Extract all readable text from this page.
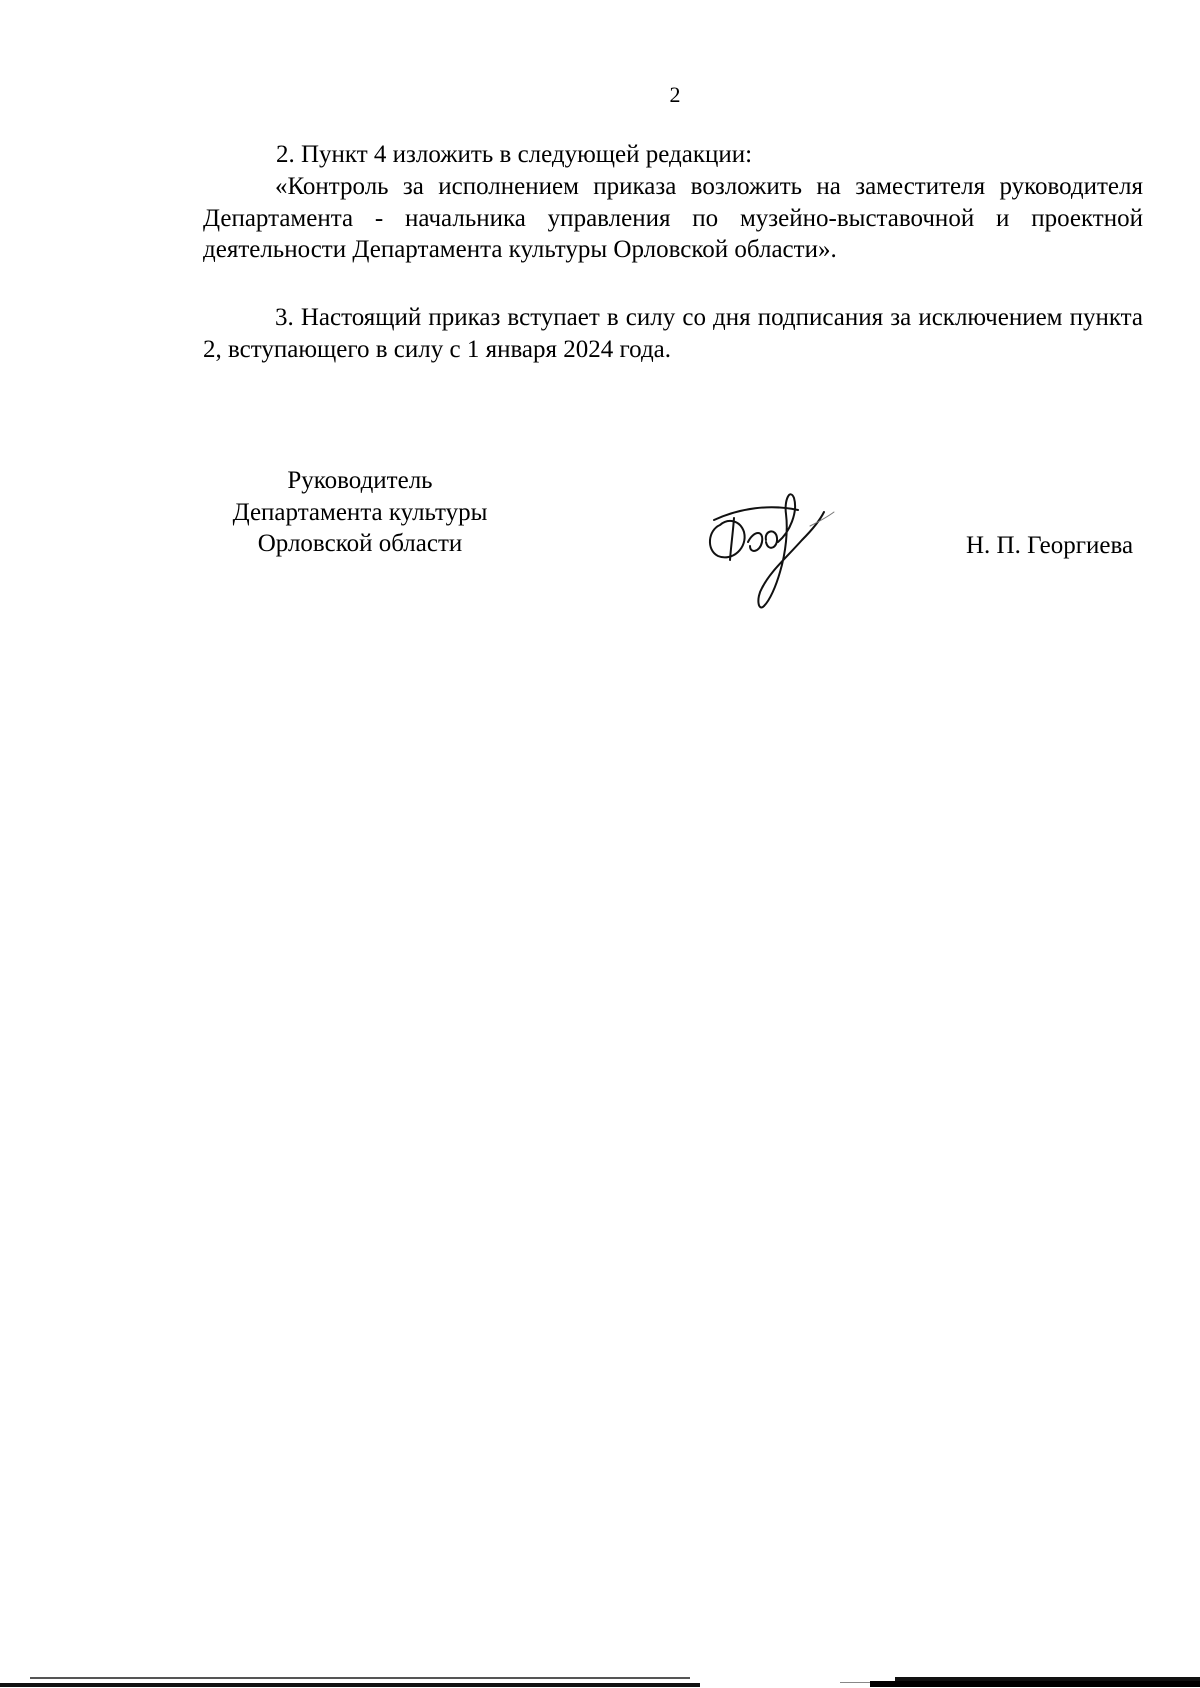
2

2. Пункт 4 изложить в следующей редакции:

«Контроль за исполнением приказа возложить на заместителя руководителя Департамента - начальника управления по музейно-выставочной и проектной деятельности Департамента культуры Орловской области».

3. Настоящий приказ вступает в силу со дня подписания за исключением пункта 2, вступающего в силу с 1 января 2024 года.

Руководитель
Департамента культуры
Орловской области	Н. П. Георгиева
